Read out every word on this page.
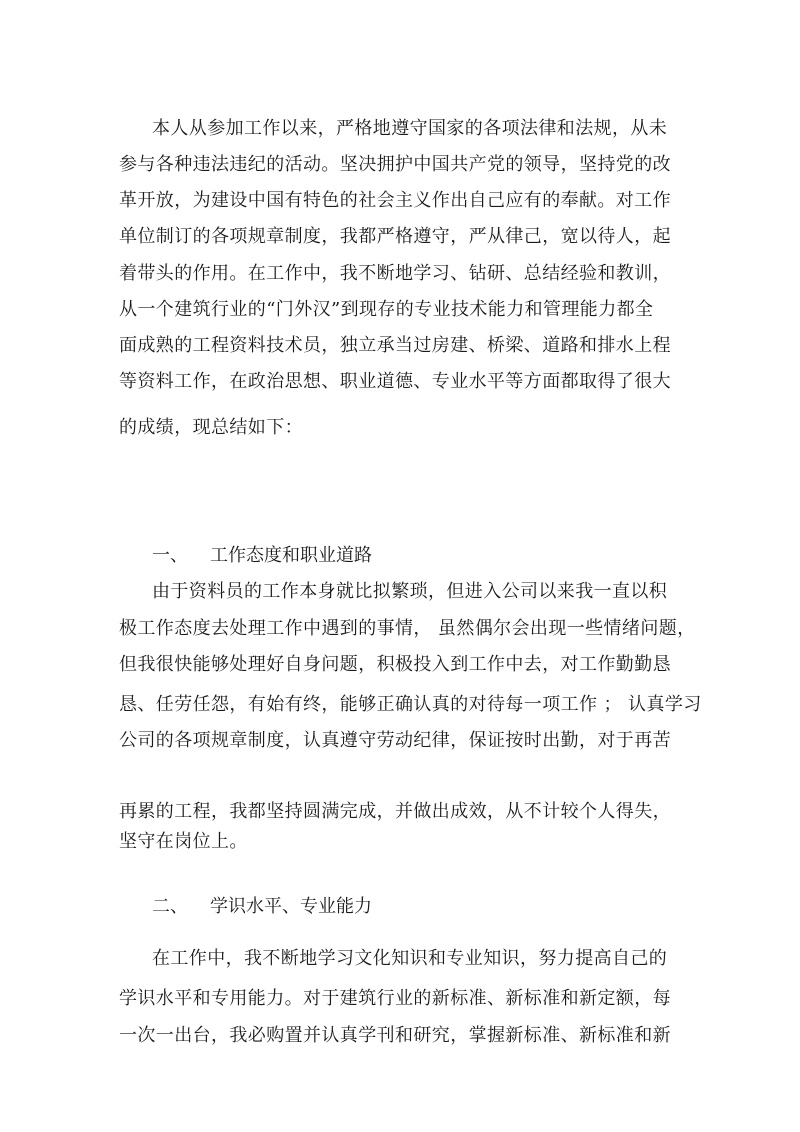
本人从参加工作以来，严格地遵守国家的各项法律和法规，从未
参与各种违法违纪的活动。坚决拥护中国共产党的领导，坚持党的改
革开放，为建设中国有特色的社会主义作出自己应有的奉献。对工作
单位制订的各项规章制度，我都严格遵守，严从律己，宽以待人，起
着带头的作用。在工作中，我不断地学习、钻研、总结经验和教训，
从一个建筑行业的“门外汉”到现存的专业技术能力和管理能力都全
面成熟的工程资料技术员，独立承当过房建、桥梁、道路和排水上程
等资料工作，在政治思想、职业道德、专业水平等方面都取得了很大
的成绩，现总结如下：
一、 工作态度和职业道路
由于资料员的工作本身就比拟繁琐，但进入公司以来我一直以积
极工作态度去处理工作中遇到的事情， 虽然偶尔会出现一些情绪问题，
但我很快能够处理好自身问题，积极投入到工作中去，对工作勤勤恳
恳、任劳任怨，有始有终，能够正确认真的对待每一项工作 ； 认真学习
公司的各项规章制度，认真遵守劳动纪律，保证按时出勤，对于再苦
再累的工程，我都坚持圆满完成，并做出成效，从不计较个人得失，
坚守在岗位上。
二、 学识水平、专业能力
在工作中，我不断地学习文化知识和专业知识，努力提高自己的
学识水平和专用能力。对于建筑行业的新标准、新标准和新定额，每
一次一出台，我必购置并认真学刊和研究，掌握新标准、新标准和新
